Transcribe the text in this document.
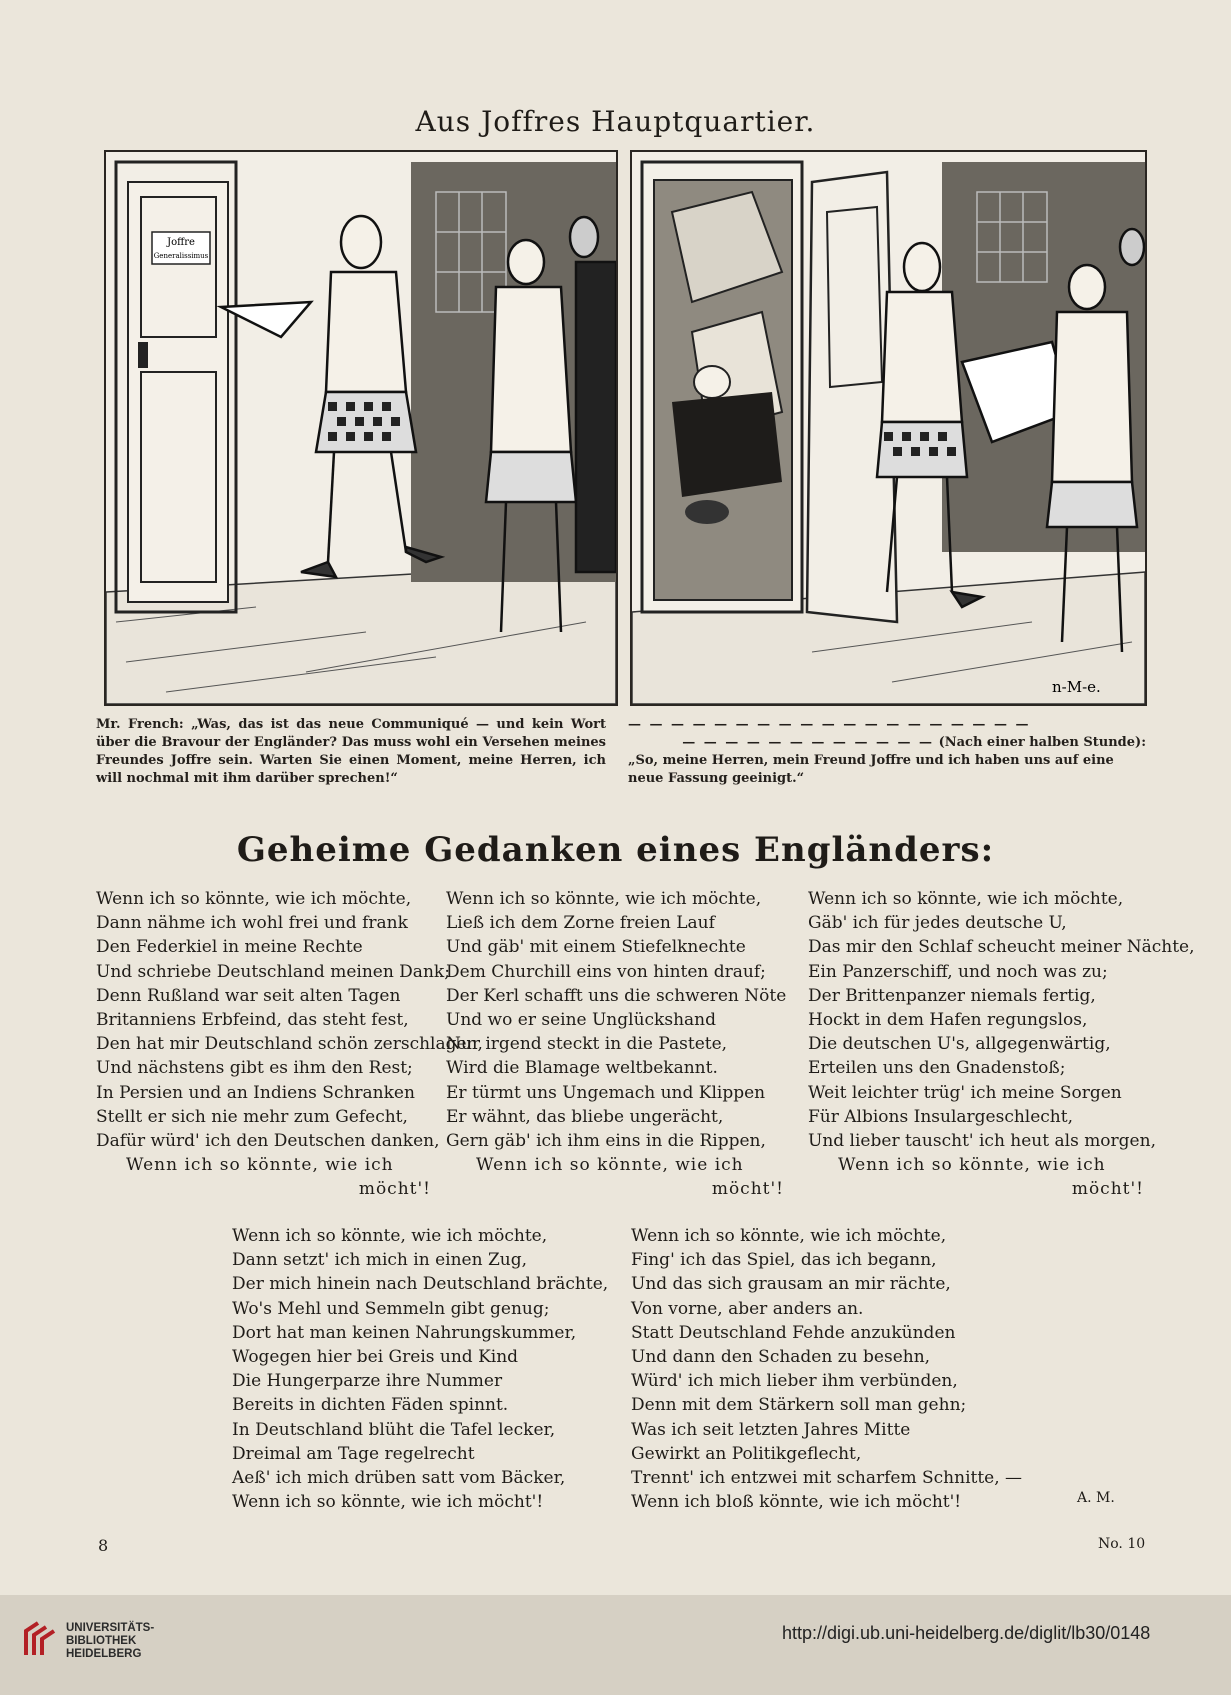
Aus Joffres Hauptquartier.
Joffre
Generalissimus
n-M-e.
Mr. French: „Was, das ist das neue Communiqué — und kein Wort über die Bravour der Engländer? Das muss wohl ein Versehen meines Freundes Joffre sein. Warten Sie einen Moment, meine Herren, ich will nochmal mit ihm darüber sprechen!“
— — — — — — — — — — — — — — — — — — —
— — — — — — — — — — — — (Nach einer halben Stunde):
„So, meine Herren, mein Freund Joffre und ich haben uns auf eine neue Fassung geeinigt.“
Geheime Gedanken eines Engländers:
Wenn ich so könnte, wie ich möchte,
Dann nähme ich wohl frei und frank
Den Federkiel in meine Rechte
Und schriebe Deutschland meinen Dank;
Denn Rußland war seit alten Tagen
Britanniens Erbfeind, das steht fest,
Den hat mir Deutschland schön zerschlagen,
Und nächstens gibt es ihm den Rest;
In Persien und an Indiens Schranken
Stellt er sich nie mehr zum Gefecht,
Dafür würd' ich den Deutschen danken,
Wenn ich so könnte, wie ich
möcht'!
Wenn ich so könnte, wie ich möchte,
Ließ ich dem Zorne freien Lauf
Und gäb' mit einem Stiefelknechte
Dem Churchill eins von hinten drauf;
Der Kerl schafft uns die schweren Nöte
Und wo er seine Unglückshand
Nur irgend steckt in die Pastete,
Wird die Blamage weltbekannt.
Er türmt uns Ungemach und Klippen
Er wähnt, das bliebe ungerächt,
Gern gäb' ich ihm eins in die Rippen,
Wenn ich so könnte, wie ich
möcht'!
Wenn ich so könnte, wie ich möchte,
Gäb' ich für jedes deutsche U,
Das mir den Schlaf scheucht meiner Nächte,
Ein Panzerschiff, und noch was zu;
Der Brittenpanzer niemals fertig,
Hockt in dem Hafen regungslos,
Die deutschen U's, allgegenwärtig,
Erteilen uns den Gnadenstoß;
Weit leichter trüg' ich meine Sorgen
Für Albions Insulargeschlecht,
Und lieber tauscht' ich heut als morgen,
Wenn ich so könnte, wie ich
möcht'!
Wenn ich so könnte, wie ich möchte,
Dann setzt' ich mich in einen Zug,
Der mich hinein nach Deutschland brächte,
Wo's Mehl und Semmeln gibt genug;
Dort hat man keinen Nahrungskummer,
Wogegen hier bei Greis und Kind
Die Hungerparze ihre Nummer
Bereits in dichten Fäden spinnt.
In Deutschland blüht die Tafel lecker,
Dreimal am Tage regelrecht
Aeß' ich mich drüben satt vom Bäcker,
Wenn ich so könnte, wie ich möcht'!
Wenn ich so könnte, wie ich möchte,
Fing' ich das Spiel, das ich begann,
Und das sich grausam an mir rächte,
Von vorne, aber anders an.
Statt Deutschland Fehde anzukünden
Und dann den Schaden zu besehn,
Würd' ich mich lieber ihm verbünden,
Denn mit dem Stärkern soll man gehn;
Was ich seit letzten Jahres Mitte
Gewirkt an Politikgeflecht,
Trennt' ich entzwei mit scharfem Schnitte, —
Wenn ich bloß könnte, wie ich möcht'!	A. M.
8	No. 10
UNIVERSITÄTS-
BIBLIOTHEK
HEIDELBERG
http://digi.ub.uni-heidelberg.de/diglit/lb30/0148
